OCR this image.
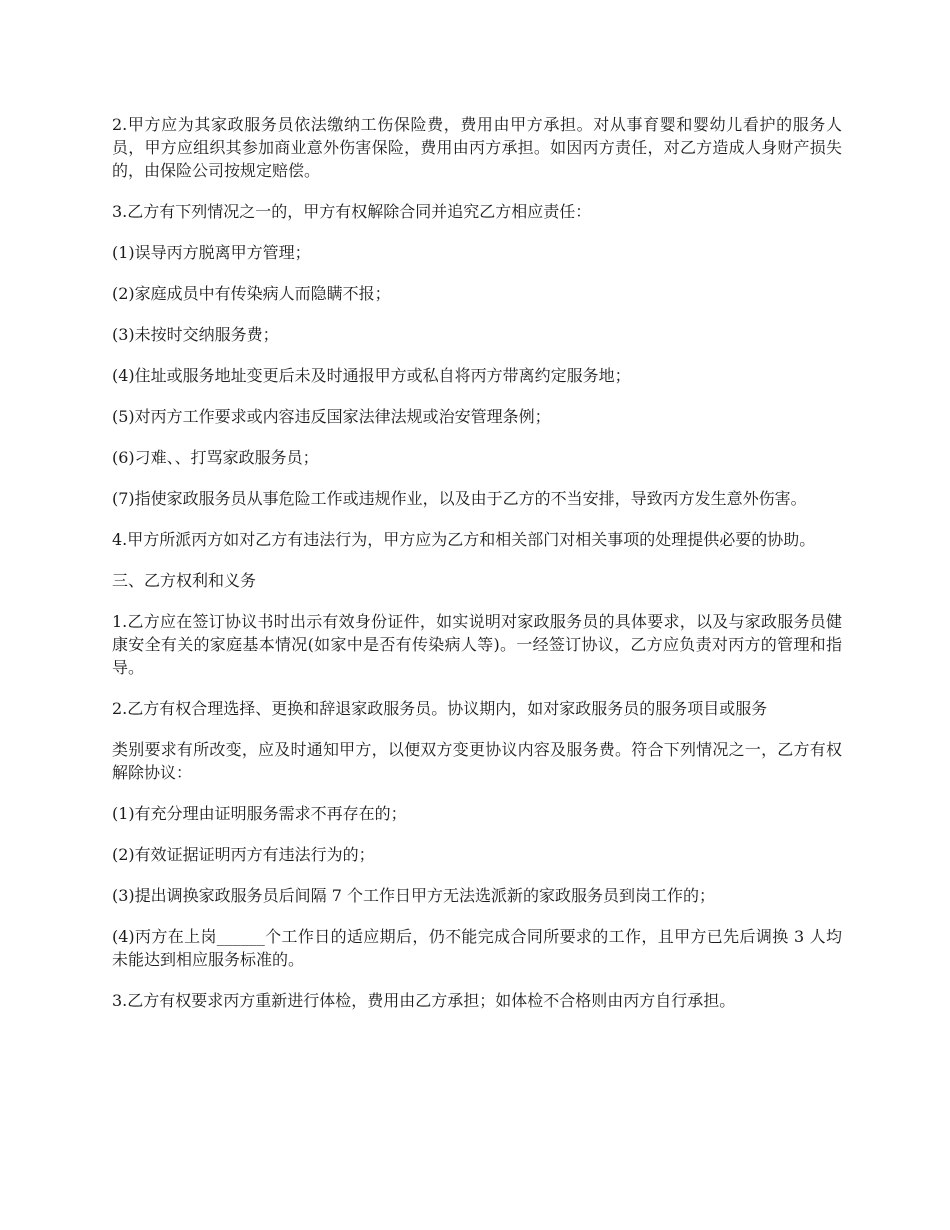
2.甲方应为其家政服务员依法缴纳工伤保险费，费用由甲方承担。对从事育婴和婴幼儿看护的服务人员，甲方应组织其参加商业意外伤害保险，费用由丙方承担。如因丙方责任，对乙方造成人身财产损失的，由保险公司按规定赔偿。

3.乙方有下列情况之一的，甲方有权解除合同并追究乙方相应责任：

(1)误导丙方脱离甲方管理；

(2)家庭成员中有传染病人而隐瞒不报；

(3)未按时交纳服务费；

(4)住址或服务地址变更后未及时通报甲方或私自将丙方带离约定服务地；

(5)对丙方工作要求或内容违反国家法律法规或治安管理条例；

(6)刁难、、打骂家政服务员；

(7)指使家政服务员从事危险工作或违规作业，以及由于乙方的不当安排，导致丙方发生意外伤害。

4.甲方所派丙方如对乙方有违法行为，甲方应为乙方和相关部门对相关事项的处理提供必要的协助。

三、乙方权利和义务

1.乙方应在签订协议书时出示有效身份证件，如实说明对家政服务员的具体要求，以及与家政服务员健康安全有关的家庭基本情况(如家中是否有传染病人等)。一经签订协议，乙方应负责对丙方的管理和指导。

2.乙方有权合理选择、更换和辞退家政服务员。协议期内，如对家政服务员的服务项目或服务

类别要求有所改变，应及时通知甲方，以便双方变更协议内容及服务费。符合下列情况之一，乙方有权解除协议：

(1)有充分理由证明服务需求不再存在的；

(2)有效证据证明丙方有违法行为的；

(3)提出调换家政服务员后间隔 7 个工作日甲方无法选派新的家政服务员到岗工作的；

(4)丙方在上岗______个工作日的适应期后，仍不能完成合同所要求的工作，且甲方已先后调换 3 人均未能达到相应服务标准的。

3.乙方有权要求丙方重新进行体检，费用由乙方承担；如体检不合格则由丙方自行承担。
